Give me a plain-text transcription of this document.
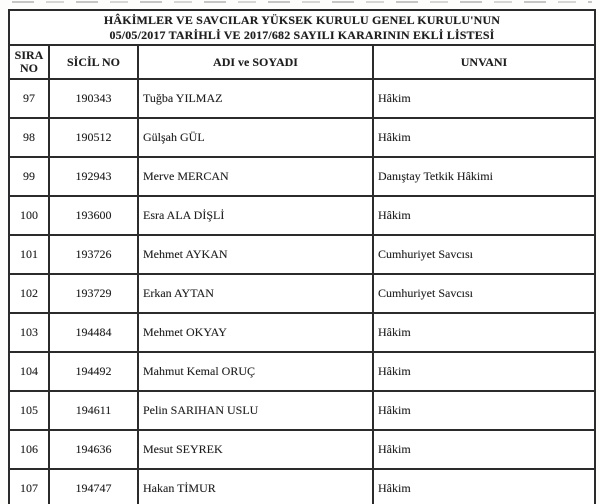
HÂKİMLER VE SAVCILAR YÜKSEK KURULU GENEL KURULU'NUN
05/05/2017 TARİHLİ VE 2017/682 SAYILI KARARININ EKLİ LİSTESİ
SIRA NO	SİCİL NO	ADI ve SOYADI	UNVANI
97	190343	Tuğba YILMAZ	Hâkim
98	190512	Gülşah GÜL	Hâkim
99	192943	Merve MERCAN	Danıştay Tetkik Hâkimi
100	193600	Esra ALA DİŞLİ	Hâkim
101	193726	Mehmet AYKAN	Cumhuriyet Savcısı
102	193729	Erkan AYTAN	Cumhuriyet Savcısı
103	194484	Mehmet OKYAY	Hâkim
104	194492	Mahmut Kemal ORUÇ	Hâkim
105	194611	Pelin SARIHAN USLU	Hâkim
106	194636	Mesut SEYREK	Hâkim
107	194747	Hakan TİMUR	Hâkim
